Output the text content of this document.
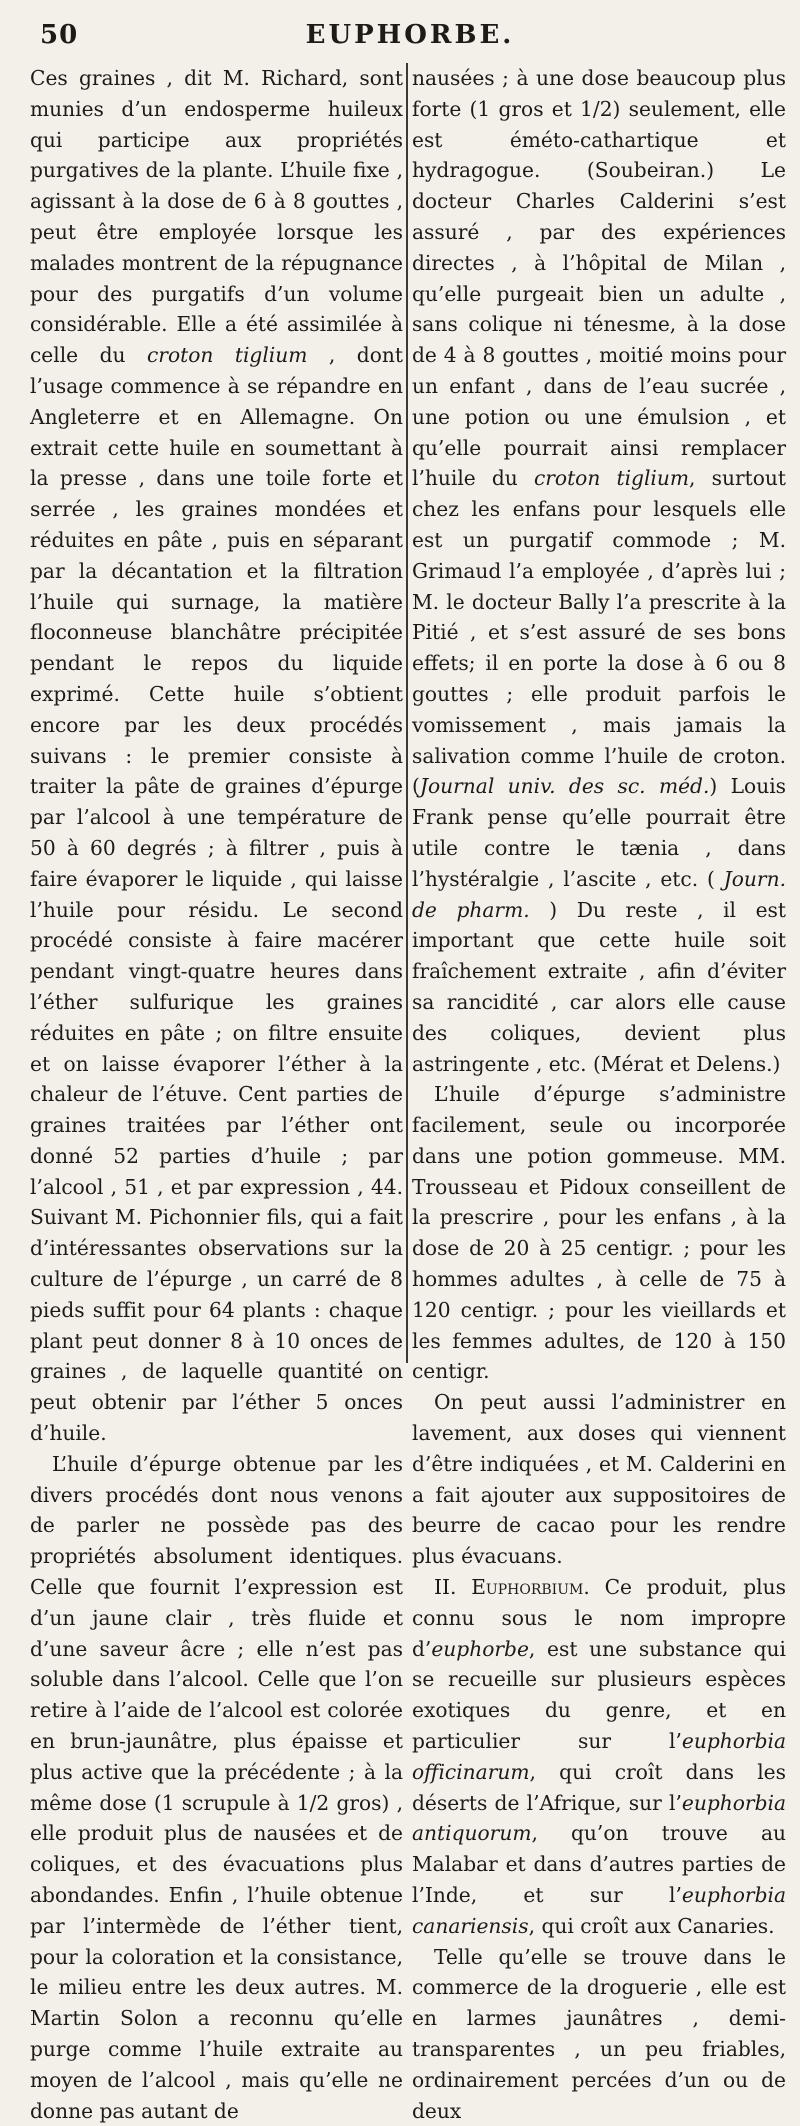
50	EUPHORBE.

Ces graines , dit M. Richard, sont munies d’un endosperme huileux qui participe aux propriétés purgatives de la plante. L’huile fixe , agissant à la dose de 6 à 8 gouttes , peut être employée lorsque les malades montrent de la répugnance pour des purgatifs d’un volume considérable. Elle a été assimilée à celle du croton tiglium , dont l’usage commence à se répandre en Angleterre et en Allemagne. On extrait cette huile en soumettant à la presse , dans une toile forte et serrée , les graines mondées et réduites en pâte , puis en séparant par la décantation et la filtration l’huile qui surnage, la matière floconneuse blanchâtre précipitée pendant le repos du liquide exprimé. Cette huile s’obtient encore par les deux procédés suivans : le premier consiste à traiter la pâte de graines d’épurge par l’alcool à une température de 50 à 60 degrés ; à filtrer , puis à faire évaporer le liquide , qui laisse l’huile pour résidu. Le second procédé consiste à faire macérer pendant vingt-quatre heures dans l’éther sulfurique les graines réduites en pâte ; on filtre ensuite et on laisse évaporer l’éther à la chaleur de l’étuve. Cent parties de graines traitées par l’éther ont donné 52 parties d’huile ; par l’alcool , 51 , et par expression , 44. Suivant M. Pichonnier fils, qui a fait d’intéressantes observations sur la culture de l’épurge , un carré de 8 pieds suffit pour 64 plants : chaque plant peut donner 8 à 10 onces de graines , de laquelle quantité on peut obtenir par l’éther 5 onces d’huile.

L’huile d’épurge obtenue par les divers procédés dont nous venons de parler ne possède pas des propriétés absolument identiques. Celle que fournit l’expression est d’un jaune clair , très fluide et d’une saveur âcre ; elle n’est pas soluble dans l’alcool. Celle que l’on retire à l’aide de l’alcool est colorée en brun-jaunâtre, plus épaisse et plus active que la précédente ; à la même dose (1 scrupule à 1/2 gros) , elle produit plus de nausées et de coliques, et des évacuations plus abondandes. Enfin , l’huile obtenue par l’intermède de l’éther tient, pour la coloration et la consistance, le milieu entre les deux autres. M. Martin Solon a reconnu qu’elle purge comme l’huile extraite au moyen de l’alcool , mais qu’elle ne donne pas autant de

nausées ; à une dose beaucoup plus forte (1 gros et 1/2) seulement, elle est éméto-cathartique et hydragogue. (Soubeiran.) Le docteur Charles Calderini s’est assuré , par des expériences directes , à l’hôpital de Milan , qu’elle purgeait bien un adulte , sans colique ni ténesme, à la dose de 4 à 8 gouttes , moitié moins pour un enfant , dans de l’eau sucrée , une potion ou une émulsion , et qu’elle pourrait ainsi remplacer l’huile du croton tiglium, surtout chez les enfans pour lesquels elle est un purgatif commode ; M. Grimaud l’a employée , d’après lui ; M. le docteur Bally l’a prescrite à la Pitié , et s’est assuré de ses bons effets; il en porte la dose à 6 ou 8 gouttes ; elle produit parfois le vomissement , mais jamais la salivation comme l’huile de croton. (Journal univ. des sc. méd.) Louis Frank pense qu’elle pourrait être utile contre le tænia , dans l’hystéralgie , l’ascite , etc. ( Journ. de pharm. ) Du reste , il est important que cette huile soit fraîchement extraite , afin d’éviter sa rancidité , car alors elle cause des coliques, devient plus astringente , etc. (Mérat et Delens.)

L’huile d’épurge s’administre facilement, seule ou incorporée dans une potion gommeuse. MM. Trousseau et Pidoux conseillent de la prescrire , pour les enfans , à la dose de 20 à 25 centigr. ; pour les hommes adultes , à celle de 75 à 120 centigr. ; pour les vieillards et les femmes adultes, de 120 à 150 centigr.

On peut aussi l’administrer en lavement, aux doses qui viennent d’être indiquées , et M. Calderini en a fait ajouter aux suppositoires de beurre de cacao pour les rendre plus évacuans.

II. Euphorbium. Ce produit, plus connu sous le nom impropre d’euphorbe, est une substance qui se recueille sur plusieurs espèces exotiques du genre, et en particulier sur l’euphorbia officinarum, qui croît dans les déserts de l’Afrique, sur l’euphorbia antiquorum, qu’on trouve au Malabar et dans d’autres parties de l’Inde, et sur l’euphorbia canariensis, qui croît aux Canaries.

Telle qu’elle se trouve dans le commerce de la droguerie , elle est en larmes jaunâtres , demi-transparentes , un peu friables, ordinairement percées d’un ou de deux
